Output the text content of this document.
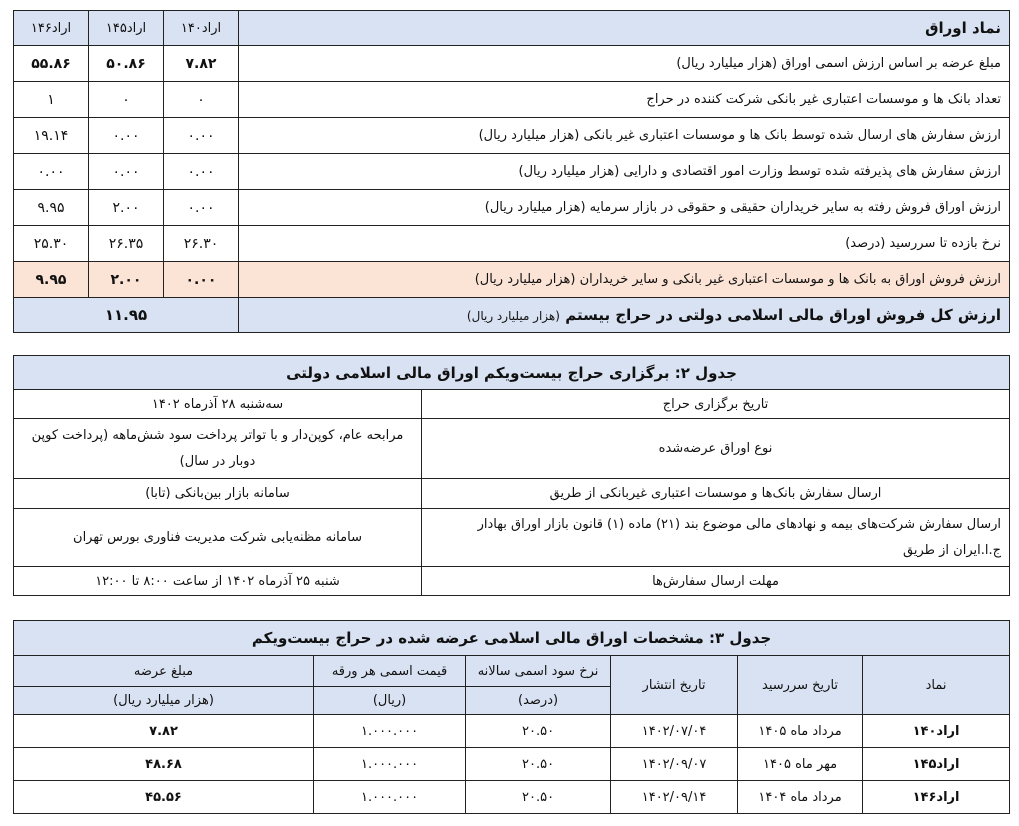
نماد اوراق	اراد۱۴۰	اراد۱۴۵	اراد۱۴۶
مبلغ عرضه بر اساس ارزش اسمی اوراق (هزار میلیارد ریال)	۷.۸۲	۵۰.۸۶	۵۵.۸۶
تعداد بانک ها و موسسات اعتباری غیر بانکی شرکت کننده در حراج	۰	۰	۱
ارزش سفارش های ارسال شده توسط بانک ها و موسسات اعتباری غیر بانکی (هزار میلیارد ریال)	۰.۰۰	۰.۰۰	۱۹.۱۴
ارزش سفارش های پذیرفته شده توسط وزارت امور اقتصادی و دارایی (هزار میلیارد ریال)	۰.۰۰	۰.۰۰	۰.۰۰
ارزش اوراق فروش رفته به سایر خریداران حقیقی و حقوقی در بازار سرمایه (هزار میلیارد ریال)	۰.۰۰	۲.۰۰	۹.۹۵
نرخ بازده تا سررسید (درصد)	۲۶.۳۰	۲۶.۳۵	۲۵.۳۰
ارزش فروش اوراق به بانک ها و موسسات اعتباری غیر بانکی و سایر خریداران (هزار میلیارد ریال)	۰.۰۰	۲.۰۰	۹.۹۵
ارزش کل فروش اوراق مالی اسلامی دولتی در حراج بیستم (هزار میلیارد ریال)	۱۱.۹۵		
جدول ۲: برگزاری حراج بیست‌ویکم اوراق مالی اسلامی دولتی	
تاریخ برگزاری حراج	سه‌شنبه ۲۸ آذرماه ۱۴۰۲
نوع اوراق عرضه‌شده	مرابحه عام، کوپن‌دار و با تواتر پرداخت سود شش‌ماهه (پرداخت کوپن دوبار در سال)
ارسال سفارش بانک‌ها و موسسات اعتباری غیربانکی از طریق	سامانه بازار بین‌بانکی (تابا)
ارسال سفارش شرکت‌های بیمه و نهادهای مالی موضوع بند (۲۱) ماده (۱) قانون بازار اوراق بهادار ج.ا.ایران از طریق	سامانه مظنه‌یابی شرکت مدیریت فناوری بورس تهران
مهلت ارسال سفارش‌ها	شنبه ۲۵ آذرماه ۱۴۰۲ از ساعت ۸:۰۰ تا ۱۲:۰۰
جدول ۳: مشخصات اوراق مالی اسلامی عرضه شده در حراج بیست‌ویکم					
نماد	تاریخ سررسید	تاریخ انتشار	نرخ سود اسمی سالانه	قیمت اسمی هر ورقه	مبلغ عرضه
			(درصد)	(ریال)	(هزار میلیارد ریال)
اراد۱۴۰	مرداد ماه ۱۴۰۵	۱۴۰۲/۰۷/۰۴	۲۰.۵۰	۱.۰۰۰.۰۰۰	۷.۸۲
اراد۱۴۵	مهر ماه ۱۴۰۵	۱۴۰۲/۰۹/۰۷	۲۰.۵۰	۱.۰۰۰.۰۰۰	۴۸.۶۸
اراد۱۴۶	مرداد ماه ۱۴۰۴	۱۴۰۲/۰۹/۱۴	۲۰.۵۰	۱.۰۰۰.۰۰۰	۴۵.۵۶
